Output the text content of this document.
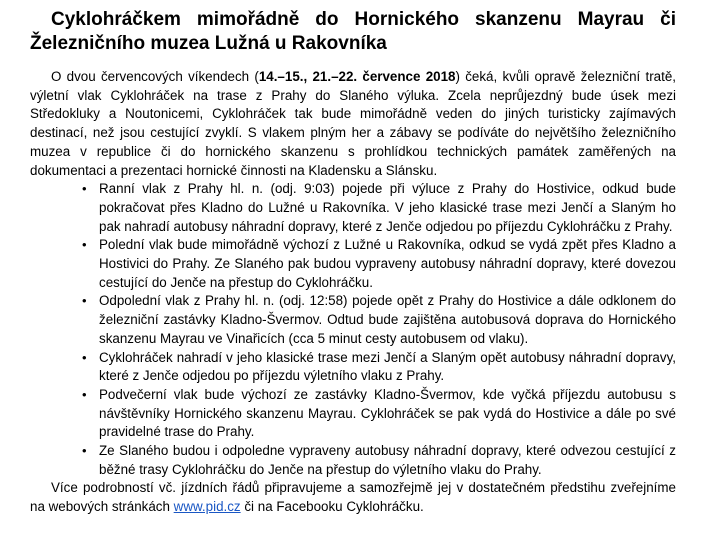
Cyklohráčkem mimořádně do Hornického skanzenu Mayrau či Železničního muzea Lužná u Rakovníka

O dvou červencových víkendech (14.–15., 21.–22. července 2018) čeká, kvůli opravě železniční tratě, výletní vlak Cyklohráček na trase z Prahy do Slaného výluka. Zcela neprůjezdný bude úsek mezi Středokluky a Noutonicemi, Cyklohráček tak bude mimořádně veden do jiných turisticky zajímavých destinací, než jsou cestující zvyklí. S vlakem plným her a zábavy se podíváte do největšího železničního muzea v republice či do hornického skanzenu s prohlídkou technických památek zaměřených na dokumentaci a prezentaci hornické činnosti na Kladensku a Slánsku.

• Ranní vlak z Prahy hl. n. (odj. 9:03) pojede při výluce z Prahy do Hostivice, odkud bude pokračovat přes Kladno do Lužné u Rakovníka. V jeho klasické trase mezi Jenčí a Slaným ho pak nahradí autobusy náhradní dopravy, které z Jenče odjedou po příjezdu Cyklohráčku z Prahy.
• Polední vlak bude mimořádně výchozí z Lužné u Rakovníka, odkud se vydá zpět přes Kladno a Hostivici do Prahy. Ze Slaného pak budou vypraveny autobusy náhradní dopravy, které dovezou cestující do Jenče na přestup do Cyklohráčku.
• Odpolední vlak z Prahy hl. n. (odj. 12:58) pojede opět z Prahy do Hostivice a dále odklonem do železniční zastávky Kladno-Švermov. Odtud bude zajištěna autobusová doprava do Hornického skanzenu Mayrau ve Vinařicích (cca 5 minut cesty autobusem od vlaku).
• Cyklohráček nahradí v jeho klasické trase mezi Jenčí a Slaným opět autobusy náhradní dopravy, které z Jenče odjedou po příjezdu výletního vlaku z Prahy.
• Podvečerní vlak bude výchozí ze zastávky Kladno-Švermov, kde vyčká příjezdu autobusu s návštěvníky Hornického skanzenu Mayrau. Cyklohráček se pak vydá do Hostivice a dále po své pravidelné trase do Prahy.
• Ze Slaného budou i odpoledne vypraveny autobusy náhradní dopravy, které odvezou cestující z běžné trasy Cyklohráčku do Jenče na přestup do výletního vlaku do Prahy.

Více podrobností vč. jízdních řádů připravujeme a samozřejmě jej v dostatečném předstihu zveřejníme na webových stránkách www.pid.cz či na Facebooku Cyklohráčku.
